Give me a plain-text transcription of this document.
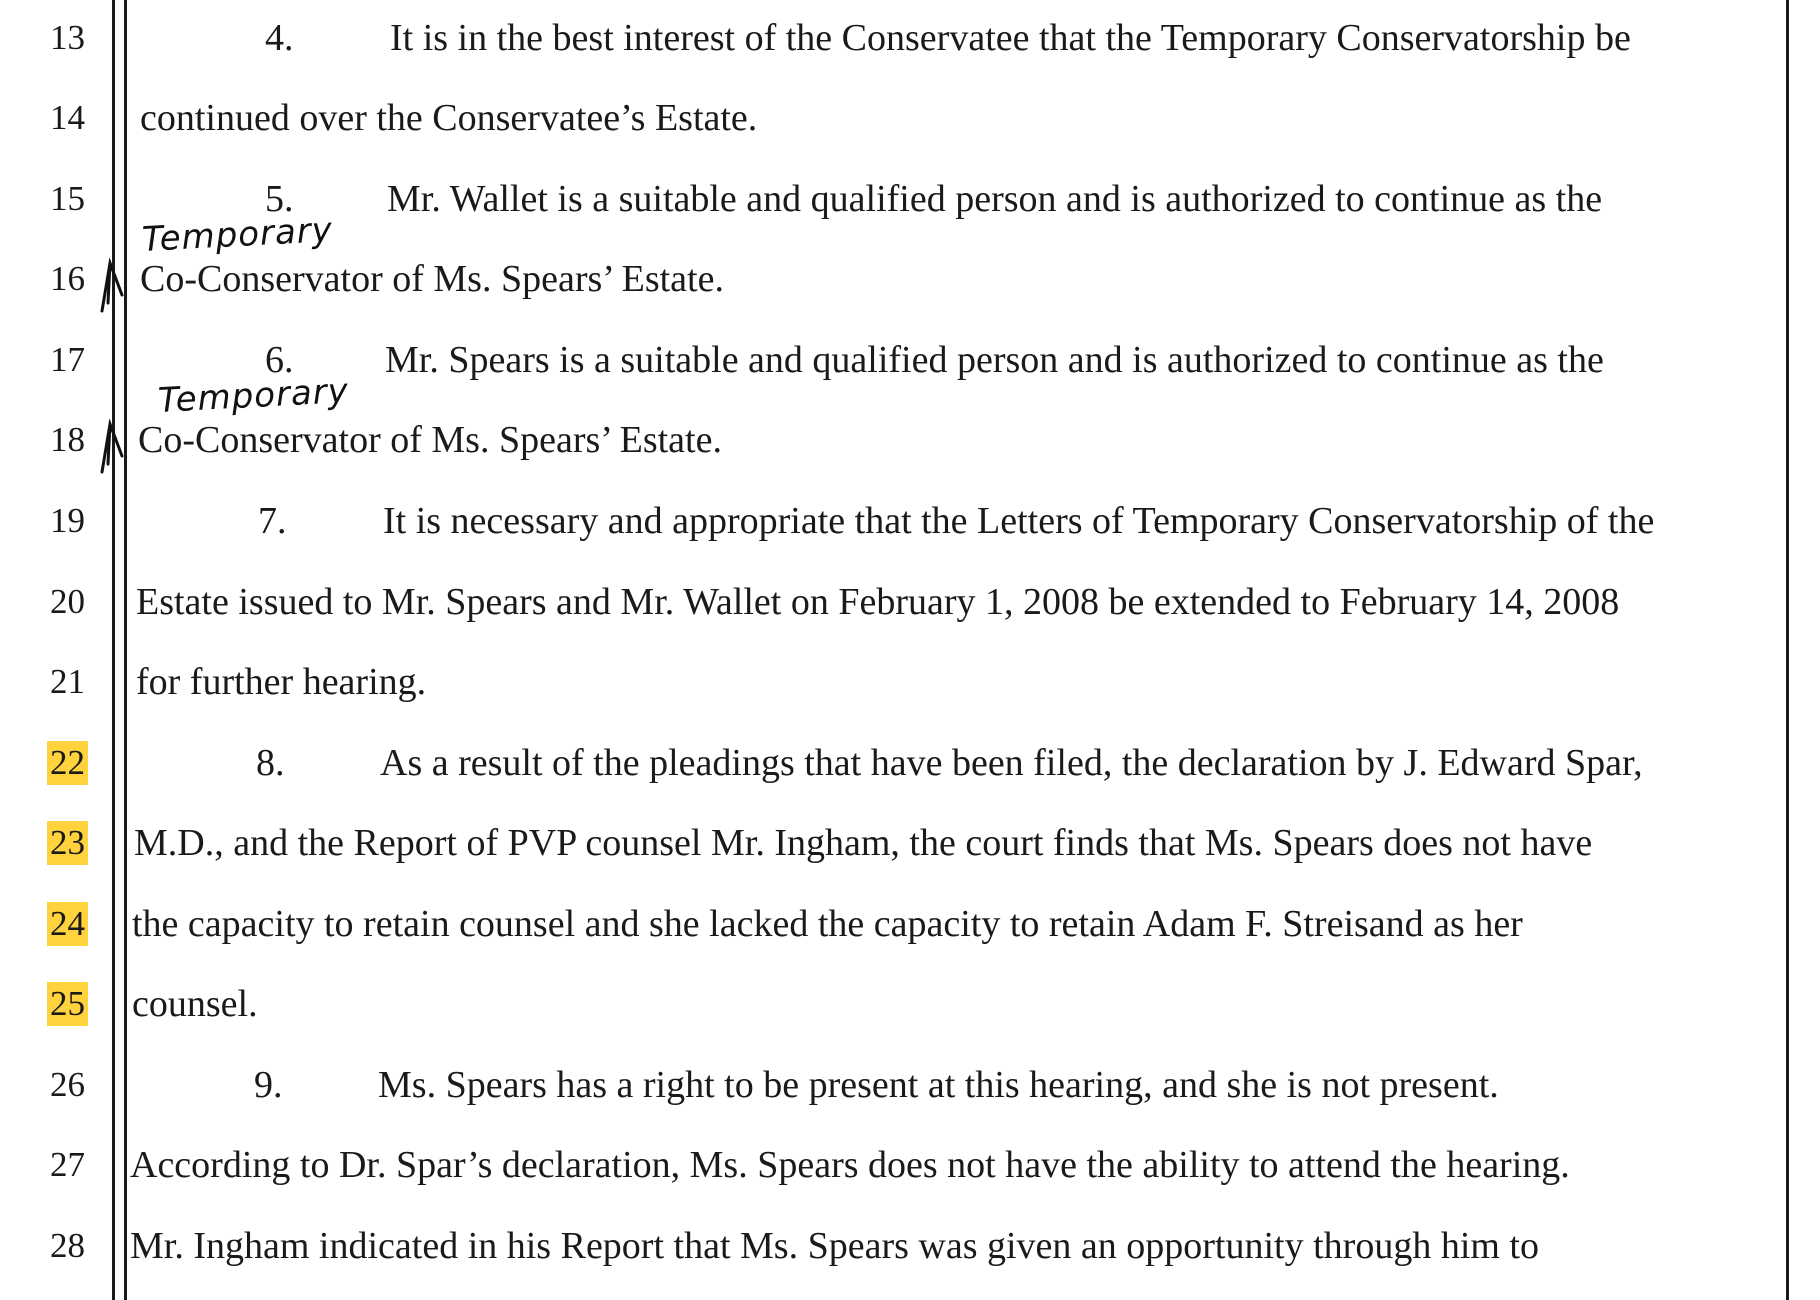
13
14
15
16
17
18
19
20
21
22
23
24
25
26
27
28
4.	It is in the best interest of the Conservatee that the Temporary Conservatorship be
continued over the Conservatee’s Estate.
5. Mr. Wallet is a suitable and qualified person and is authorized to continue as the
Temporary
Co-Conservator of Ms. Spears’ Estate.
6. Mr. Spears is a suitable and qualified person and is authorized to continue as the
Temporary
Co-Conservator of Ms. Spears’ Estate.
7.	It is necessary and appropriate that the Letters of Temporary Conservatorship of the
Estate issued to Mr. Spears and Mr. Wallet on February 1, 2008 be extended to February 14, 2008
for further hearing.
8.	As a result of the pleadings that have been filed, the declaration by J. Edward Spar,
M.D., and the Report of PVP counsel Mr. Ingham, the court finds that Ms. Spears does not have
the capacity to retain counsel and she lacked the capacity to retain Adam F. Streisand as her
counsel.
9.	Ms. Spears has a right to be present at this hearing, and she is not present.
According to Dr. Spar’s declaration, Ms. Spears does not have the ability to attend the hearing.
Mr. Ingham indicated in his Report that Ms. Spears was given an opportunity through him to
